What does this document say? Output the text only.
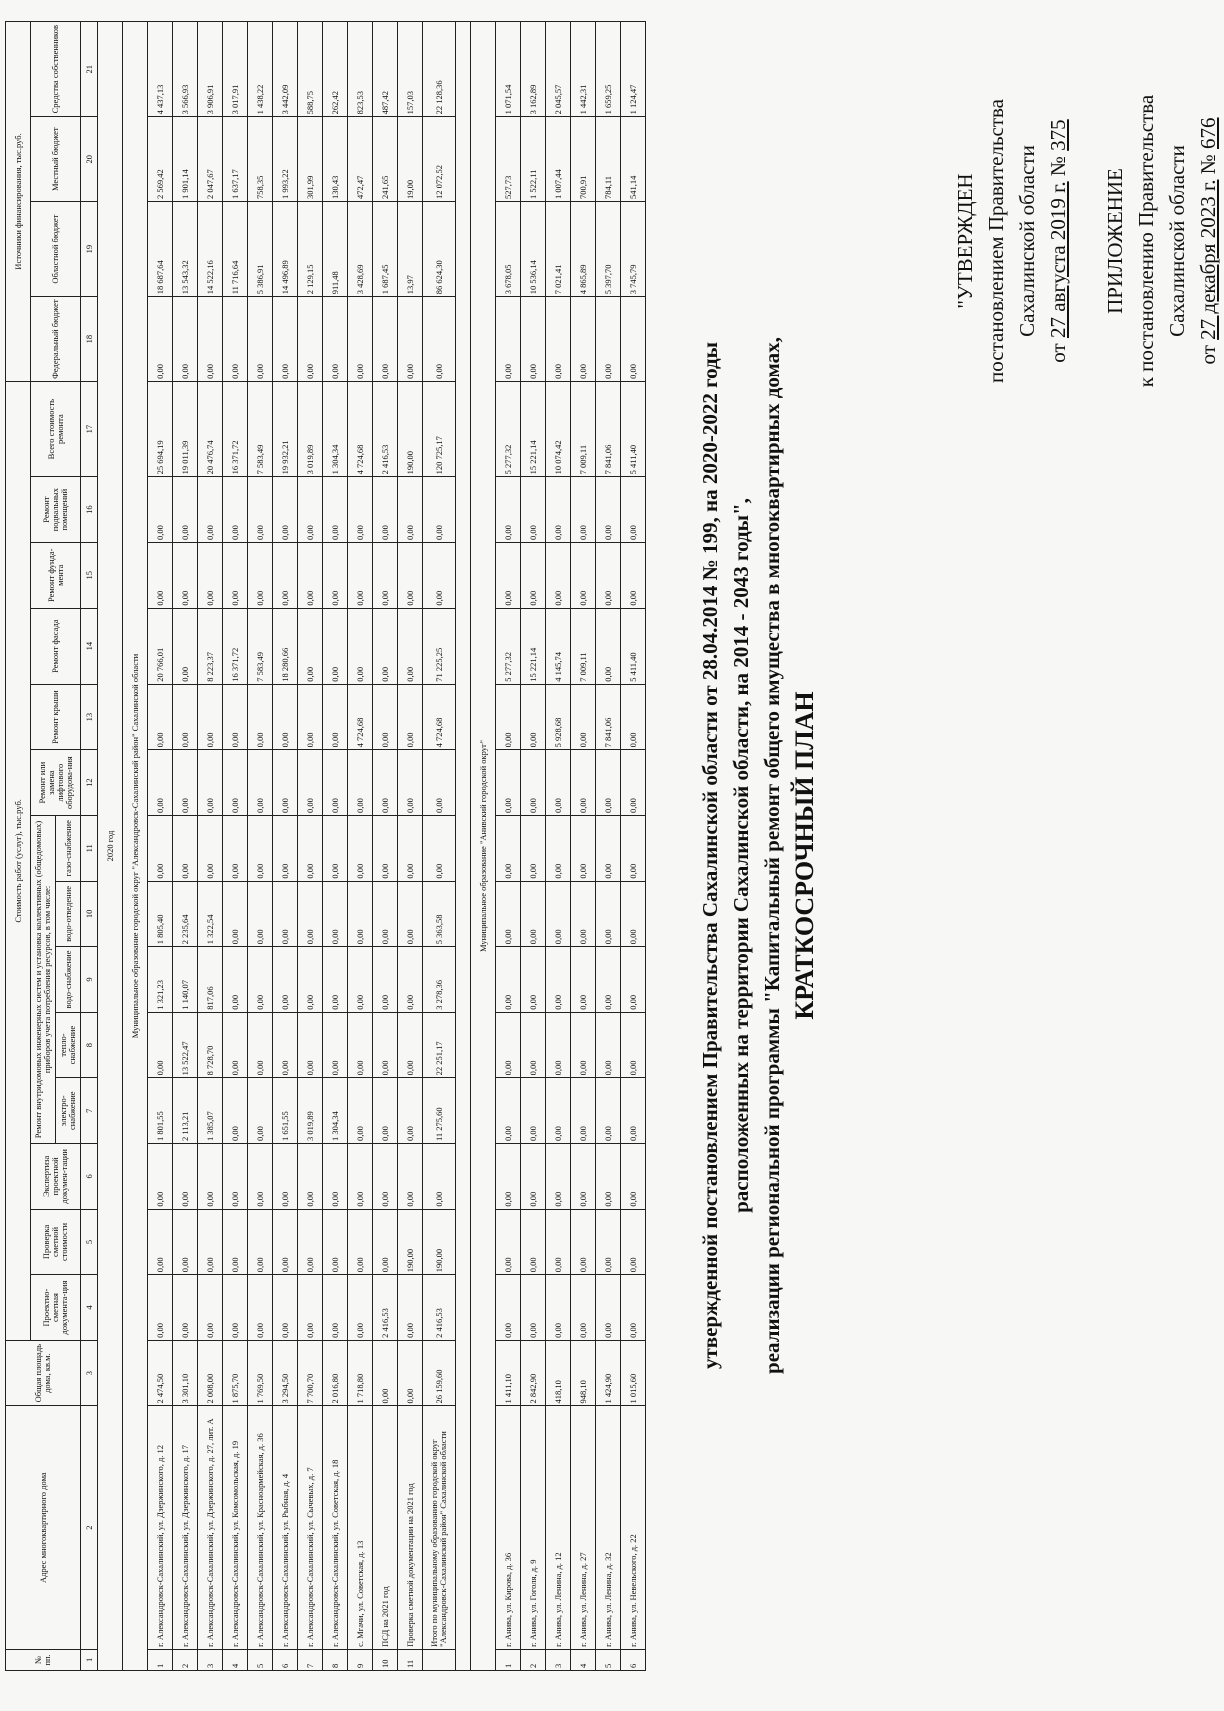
ПРИЛОЖЕНИЕ к постановлению Правительства Сахалинской области
от 27 декабря 2023 г. № 676
"УТВЕРЖДЕН постановлением Правительства Сахалинской области
от 27 августа 2019 г. № 375
КРАТКОСРОЧНЫЙ ПЛАН
реализации региональной программы "Капитальный ремонт общего имущества в многоквартирных домах,
расположенных на территории Сахалинской области, на 2014 - 2043 годы",
утвержденной постановлением Правительства Сахалинской области от 28.04.2014 № 199, на 2020-2022 годы
№ пп.	Адрес многоквартирного дома	Общая площадь дома, кв.м.	Стоимость работ (услуг), тыс.руб.														Источники финансирования, тыс.руб.			
			Проектно-сметная документа-ция	Проверка сметной стоимости	Экспертиза проектной докумен-тации	Ремонт внутридомовых инженерных систем и установка коллективных (общедомовых) приборов учета потребления ресурсов, в том числе:					Ремонт или замена лифтового оборудова-ния	Ремонт крыши	Ремонт фасада	Ремонт фунда-мента	Ремонт подвальных помещений	Всего стоимость ремонта	Федеральный бюджет	Областной бюджет	Местный бюджет	Средства собственников
						электро-снабжение	тепло-снабжение	водо-снабжение	водо-отведение	газо-снабжение										
1	2	3	4	5	6	7	8	9	10	11	12	13	14	15	16	17	18	19	20	21
2020 год																				
Муниципальное образование городской округ "Александровск-Сахалинский район" Сахалинской области																				
1	г. Александровск-Сахалинский, ул. Дзержинского, д. 12	2 474,50	0,00	0,00	0,00	1 801,55	0,00	1 321,23	1 805,40	0,00	0,00	0,00	20 766,01	0,00	0,00	25 694,19	0,00	18 687,64	2 569,42	4 437,13
2	г. Александровск-Сахалинский, ул. Дзержинского, д. 17	3 301,10	0,00	0,00	0,00	2 113,21	13 522,47	1 140,07	2 235,64	0,00	0,00	0,00	0,00	0,00	0,00	19 011,39	0,00	13 543,32	1 901,14	3 566,93
3	г. Александровск-Сахалинский, ул. Дзержинского, д. 27, лит. А	2 008,00	0,00	0,00	0,00	1 385,07	8 728,70	817,06	1 322,54	0,00	0,00	0,00	8 223,37	0,00	0,00	20 476,74	0,00	14 522,16	2 047,67	3 906,91
4	г. Александровск-Сахалинский, ул. Комсомольская, д. 19	1 875,70	0,00	0,00	0,00	0,00	0,00	0,00	0,00	0,00	0,00	0,00	16 371,72	0,00	0,00	16 371,72	0,00	11 716,64	1 637,17	3 017,91
5	г. Александровск-Сахалинский, ул. Красноармейская, д. 36	1 769,50	0,00	0,00	0,00	0,00	0,00	0,00	0,00	0,00	0,00	0,00	7 583,49	0,00	0,00	7 583,49	0,00	5 386,91	758,35	1 438,22
6	г. Александровск-Сахалинский, ул. Рыбная, д. 4	3 294,50	0,00	0,00	0,00	1 651,55	0,00	0,00	0,00	0,00	0,00	0,00	18 280,66	0,00	0,00	19 932,21	0,00	14 496,89	1 993,22	3 442,09
7	г. Александровск-Сахалинский, ул. Сычевых, д. 7	7 700,70	0,00	0,00	0,00	3 019,89	0,00	0,00	0,00	0,00	0,00	0,00	0,00	0,00	0,00	3 019,89	0,00	2 129,15	301,99	588,75
8	г. Александровск-Сахалинский, ул. Советская, д. 18	2 016,80	0,00	0,00	0,00	1 304,34	0,00	0,00	0,00	0,00	0,00	0,00	0,00	0,00	0,00	1 304,34	0,00	911,48	130,43	262,42
9	с. Мгачи, ул. Советская, д. 13	1 718,80	0,00	0,00	0,00	0,00	0,00	0,00	0,00	0,00	0,00	4 724,68	0,00	0,00	0,00	4 724,68	0,00	3 428,69	472,47	823,53
10	ПСД на 2021 год	0,00	2 416,53	0,00	0,00	0,00	0,00	0,00	0,00	0,00	0,00	0,00	0,00	0,00	0,00	2 416,53	0,00	1 687,45	241,65	487,42
11	Проверка сметной документации на 2021 год	0,00	0,00	190,00	0,00	0,00	0,00	0,00	0,00	0,00	0,00	0,00	0,00	0,00	0,00	190,00	0,00	13,97	19,00	157,03
	Итого по муниципальному образованию городской округ "Александровск-Сахалинский район" Сахалинской области	26 159,60	2 416,53	190,00	0,00	11 275,60	22 251,17	3 278,36	5 363,58	0,00	0,00	4 724,68	71 225,25	0,00	0,00	120 725,17	0,00	86 624,30	12 072,52	22 128,36

Муниципальное образование "Анивский городской округ"																				
1	г. Анива, ул. Кирова, д. 36	1 411,10	0,00	0,00	0,00	0,00	0,00	0,00	0,00	0,00	0,00	0,00	5 277,32	0,00	0,00	5 277,32	0,00	3 678,05	527,73	1 071,54
2	г. Анива, ул. Гоголя, д. 9	2 842,90	0,00	0,00	0,00	0,00	0,00	0,00	0,00	0,00	0,00	0,00	15 221,14	0,00	0,00	15 221,14	0,00	10 536,14	1 522,11	3 162,89
3	г. Анива, ул. Ленина, д. 12	418,10	0,00	0,00	0,00	0,00	0,00	0,00	0,00	0,00	0,00	5 928,68	4 145,74	0,00	0,00	10 074,42	0,00	7 021,41	1 007,44	2 045,57
4	г. Анива, ул. Ленина, д. 27	948,10	0,00	0,00	0,00	0,00	0,00	0,00	0,00	0,00	0,00	0,00	7 009,11	0,00	0,00	7 009,11	0,00	4 865,89	700,91	1 442,31
5	г. Анива, ул. Ленина, д. 32	1 424,90	0,00	0,00	0,00	0,00	0,00	0,00	0,00	0,00	0,00	7 841,06	0,00	0,00	0,00	7 841,06	0,00	5 397,70	784,11	1 659,25
6	г. Анива, ул. Невельского, д. 22	1 015,60	0,00	0,00	0,00	0,00	0,00	0,00	0,00	0,00	0,00	0,00	5 411,40	0,00	0,00	5 411,40	0,00	3 745,79	541,14	1 124,47
